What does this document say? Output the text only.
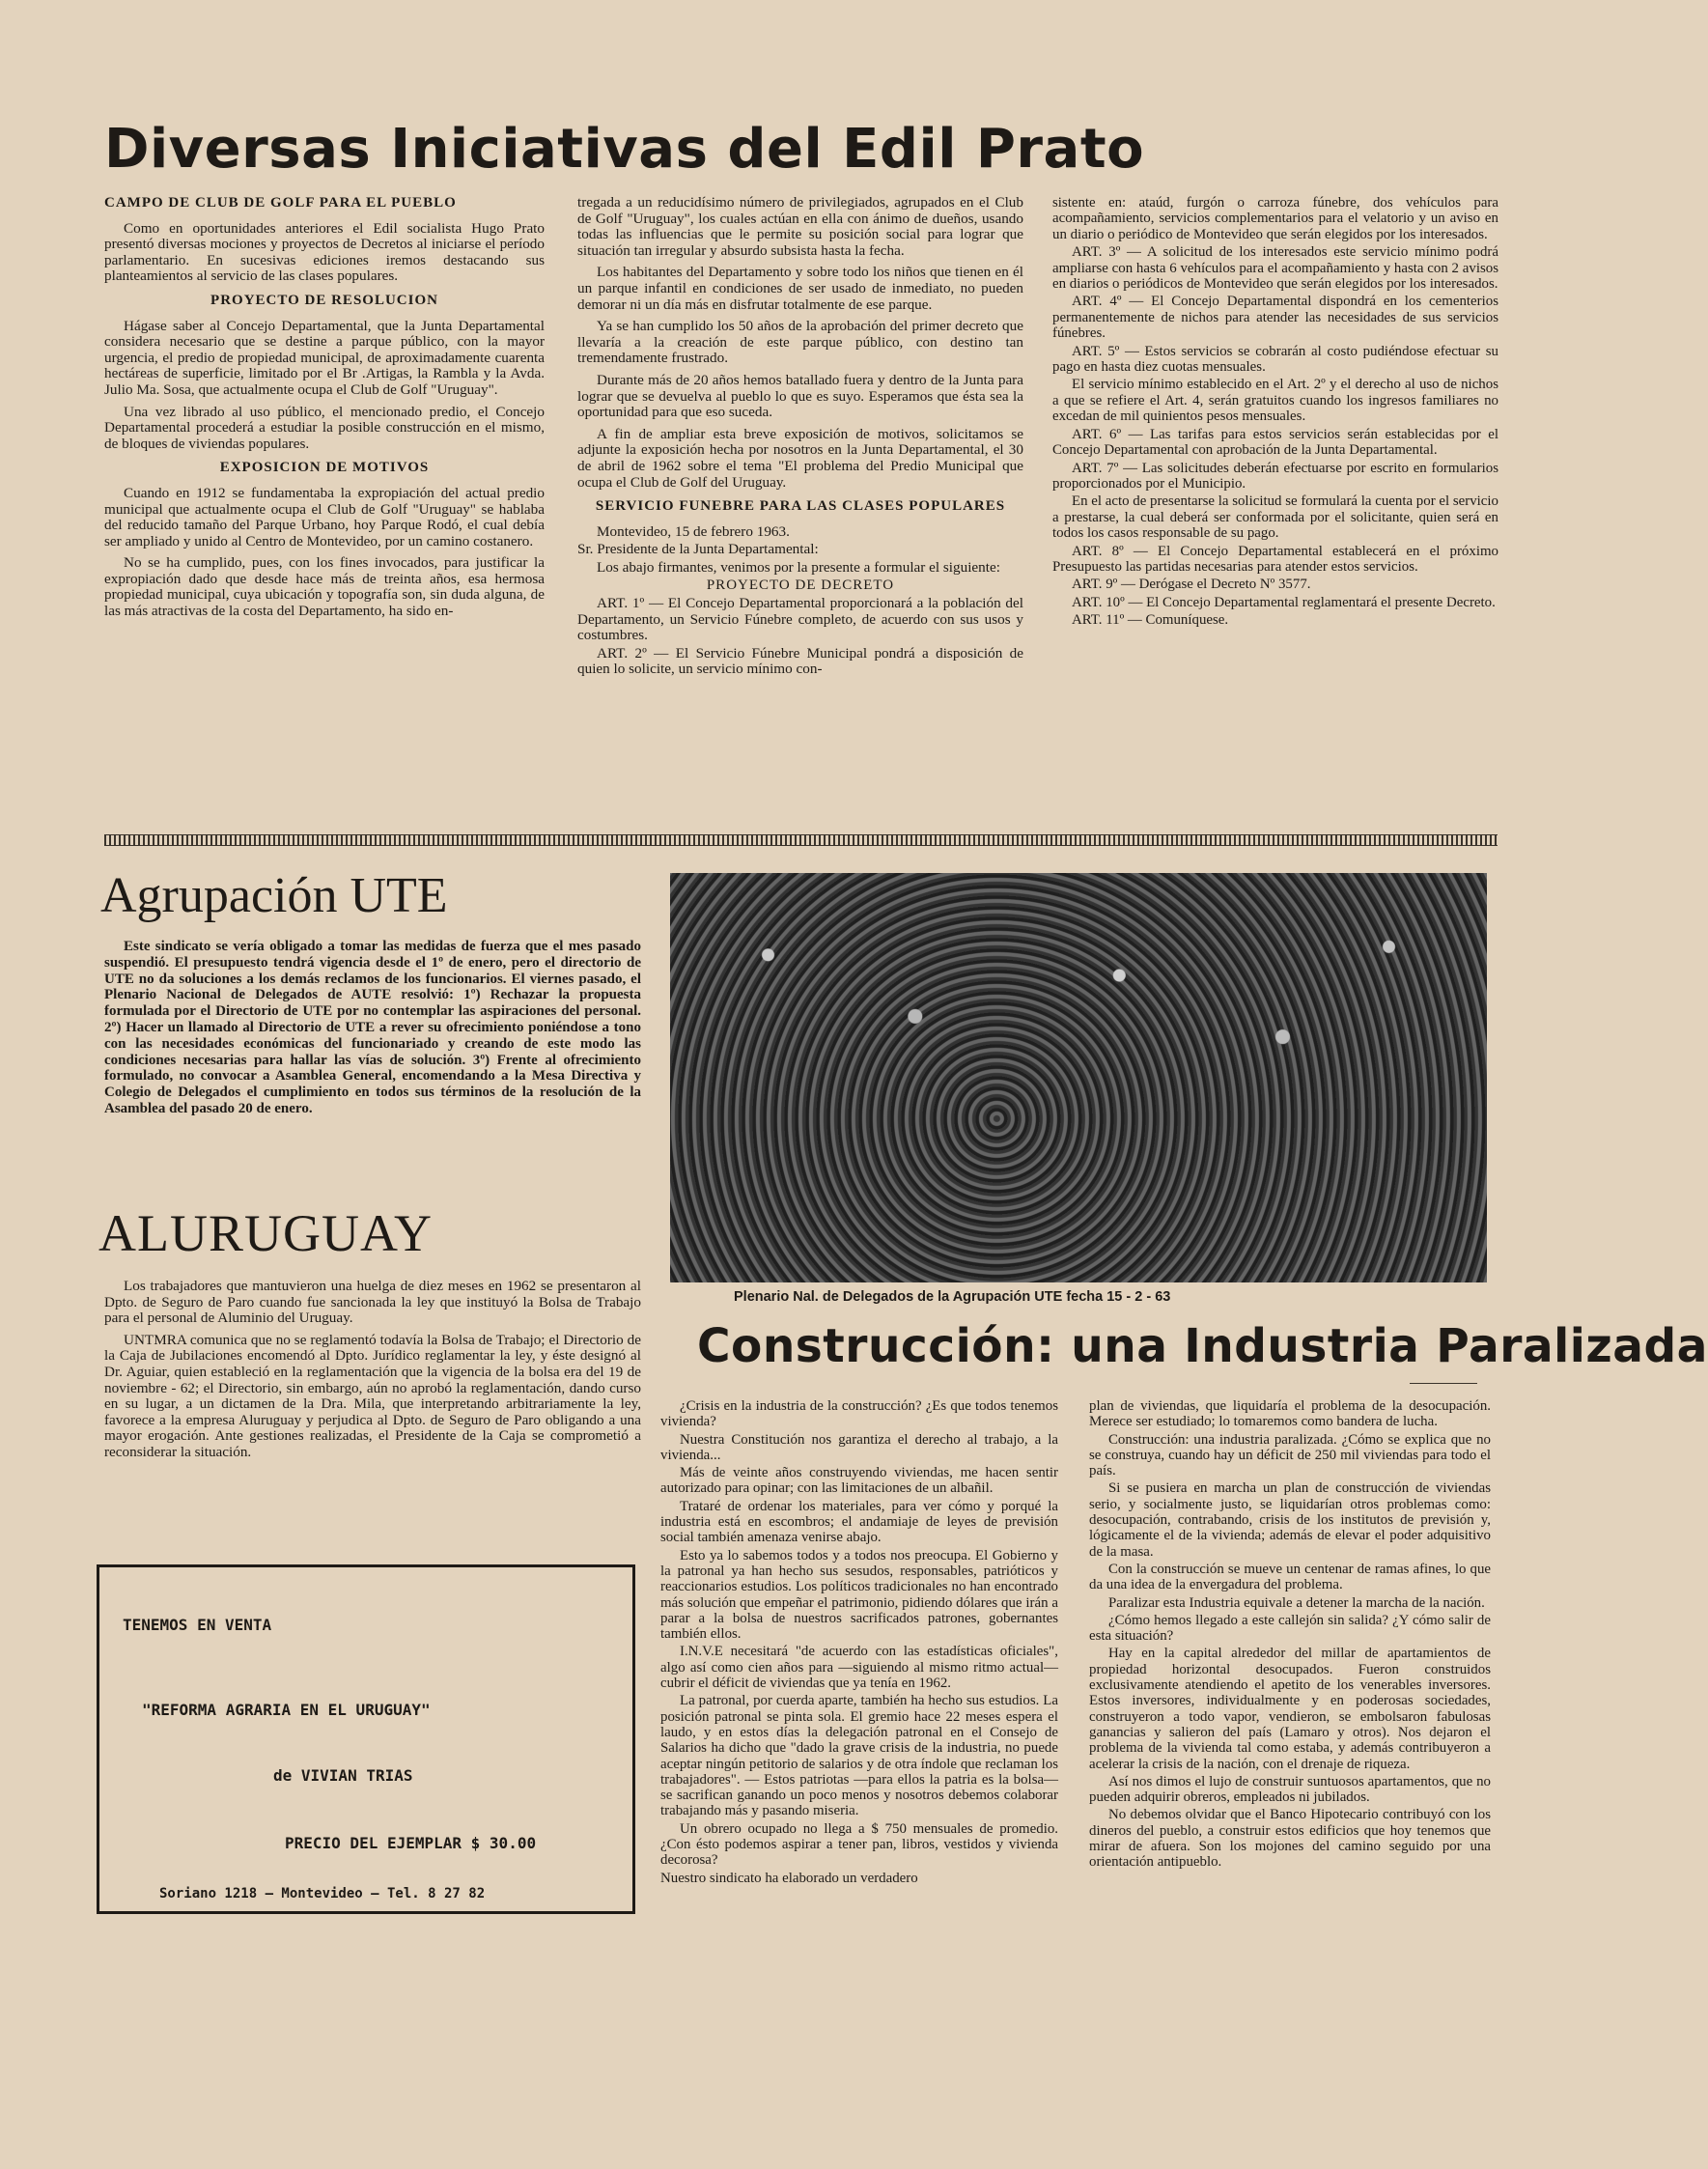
Diversas Iniciativas del Edil Prato
CAMPO DE CLUB DE GOLF PARA EL PUEBLO

Como en oportunidades anteriores el Edil socialista Hugo Prato presentó diversas mociones y proyectos de Decretos al iniciarse el período parlamentario. En sucesivas ediciones iremos destacando sus planteamientos al servicio de las clases populares.

PROYECTO DE RESOLUCION

Hágase saber al Concejo Departamental, que la Junta Departamental considera necesario que se destine a parque público, con la mayor urgencia, el predio de propiedad municipal, de aproximadamente cuarenta hectáreas de superficie, limitado por el Br .Artigas, la Rambla y la Avda. Julio Ma. Sosa, que actualmente ocupa el Club de Golf "Uruguay".

Una vez librado al uso público, el mencionado predio, el Concejo Departamental procederá a estudiar la posible construcción en el mismo, de bloques de viviendas populares.

EXPOSICION DE MOTIVOS

Cuando en 1912 se fundamentaba la expropiación del actual predio municipal que actualmente ocupa el Club de Golf "Uruguay" se hablaba del reducido tamaño del Parque Urbano, hoy Parque Rodó, el cual debía ser ampliado y unido al Centro de Montevideo, por un camino costanero.

No se ha cumplido, pues, con los fines invocados, para justificar la expropiación dado que desde hace más de treinta años, esa hermosa propiedad municipal, cuya ubicación y topografía son, sin duda alguna, de las más atractivas de la costa del Departamento, ha sido en-

tregada a un reducidísimo número de privilegiados, agrupados en el Club de Golf "Uruguay", los cuales actúan en ella con ánimo de dueños, usando todas las influencias que le permite su posición social para lograr que situación tan irregular y absurdo subsista hasta la fecha.

Los habitantes del Departamento y sobre todo los niños que tienen en él un parque infantil en condiciones de ser usado de inmediato, no pueden demorar ni un día más en disfrutar totalmente de ese parque.

Ya se han cumplido los 50 años de la aprobación del primer decreto que llevaría a la creación de este parque público, con destino tan tremendamente frustrado.

Durante más de 20 años hemos batallado fuera y dentro de la Junta para lograr que se devuelva al pueblo lo que es suyo. Esperamos que ésta sea la oportunidad para que eso suceda.

A fin de ampliar esta breve exposición de motivos, solicitamos se adjunte la exposición hecha por nosotros en la Junta Departamental, el 30 de abril de 1962 sobre el tema "El problema del Predio Municipal que ocupa el Club de Golf del Uruguay.

SERVICIO FUNEBRE PARA LAS CLASES POPULARES

Montevideo, 15 de febrero 1963.

Sr. Presidente de la Junta Departamental:

Los abajo firmantes, venimos por la presente a formular el siguiente:

PROYECTO DE DECRETO

ART. 1º — El Concejo Departamental proporcionará a la población del Departamento, un Servicio Fúnebre completo, de acuerdo con sus usos y costumbres.

ART. 2º — El Servicio Fúnebre Municipal pondrá a disposición de quien lo solicite, un servicio mínimo con-

sistente en: ataúd, furgón o carroza fúnebre, dos vehículos para acompañamiento, servicios complementarios para el velatorio y un aviso en un diario o periódico de Montevideo que serán elegidos por los interesados.

ART. 3º — A solicitud de los interesados este servicio mínimo podrá ampliarse con hasta 6 vehículos para el acompañamiento y hasta con 2 avisos en diarios o periódicos de Montevideo que serán elegidos por los interesados.

ART. 4º — El Concejo Departamental dispondrá en los cementerios permanentemente de nichos para atender las necesidades de sus servicios fúnebres.

ART. 5º — Estos servicios se cobrarán al costo pudiéndose efectuar su pago en hasta diez cuotas mensuales.

El servicio mínimo establecido en el Art. 2º y el derecho al uso de nichos a que se refiere el Art. 4, serán gratuitos cuando los ingresos familiares no excedan de mil quinientos pesos mensuales.

ART. 6º — Las tarifas para estos servicios serán establecidas por el Concejo Departamental con aprobación de la Junta Departamental.

ART. 7º — Las solicitudes deberán efectuarse por escrito en formularios proporcionados por el Municipio.

En el acto de presentarse la solicitud se formulará la cuenta por el servicio a prestarse, la cual deberá ser conformada por el solicitante, quien será en todos los casos responsable de su pago.

ART. 8º — El Concejo Departamental establecerá en el próximo Presupuesto las partidas necesarias para atender estos servicios.

ART. 9º — Derógase el Decreto Nº 3577.

ART. 10º — El Concejo Departamental reglamentará el presente Decreto.

ART. 11º — Comuníquese.

Agrupación UTE

Este sindicato se vería obligado a tomar las medidas de fuerza que el mes pasado suspendió. El presupuesto tendrá vigencia desde el 1º de enero, pero el directorio de UTE no da soluciones a los demás reclamos de los funcionarios. El viernes pasado, el Plenario Nacional de Delegados de AUTE resolvió: 1º) Rechazar la propuesta formulada por el Directorio de UTE por no contemplar las aspiraciones del personal. 2º) Hacer un llamado al Directorio de UTE a rever su ofrecimiento poniéndose a tono con las necesidades económicas del funcionariado y creando de este modo las condiciones necesarias para hallar las vías de solución. 3º) Frente al ofrecimiento formulado, no convocar a Asamblea General, encomendando a la Mesa Directiva y Colegio de Delegados el cumplimiento en todos sus términos de la resolución de la Asamblea del pasado 20 de enero.

Plenario Nal. de Delegados de la Agrupación UTE fecha 15 - 2 - 63
ALURUGUAY

Los trabajadores que mantuvieron una huelga de diez meses en 1962 se presentaron al Dpto. de Seguro de Paro cuando fue sancionada la ley que instituyó la Bolsa de Trabajo para el personal de Aluminio del Uruguay.

UNTMRA comunica que no se reglamentó todavía la Bolsa de Trabajo; el Directorio de la Caja de Jubilaciones encomendó al Dpto. Jurídico reglamentar la ley, y éste designó al Dr. Aguiar, quien estableció en la reglamentación que la vigencia de la bolsa era del 19 de noviembre - 62; el Directorio, sin embargo, aún no aprobó la reglamentación, dando curso en su lugar, a un dictamen de la Dra. Mila, que interpretando arbitrariamente la ley, favorece a la empresa Aluruguay y perjudica al Dpto. de Seguro de Paro obligando a una mayor erogación. Ante gestiones realizadas, el Presidente de la Caja se comprometió a reconsiderar la situación.

TENEMOS EN VENTA
"REFORMA AGRARIA EN EL URUGUAY"
de VIVIAN TRIAS
PRECIO DEL EJEMPLAR $ 30.00
Soriano 1218 — Montevideo — Tel. 8 27 82
Construcción: una Industria Paralizada

¿Crisis en la industria de la construcción? ¿Es que todos tenemos vivienda?

Nuestra Constitución nos garantiza el derecho al trabajo, a la vivienda...

Más de veinte años construyendo viviendas, me hacen sentir autorizado para opinar; con las limitaciones de un albañil.

Trataré de ordenar los materiales, para ver cómo y porqué la industria está en escombros; el andamiaje de leyes de previsión social también amenaza venirse abajo.

Esto ya lo sabemos todos y a todos nos preocupa. El Gobierno y la patronal ya han hecho sus sesudos, responsables, patrióticos y reaccionarios estudios. Los políticos tradicionales no han encontrado más solución que empeñar el patrimonio, pidiendo dólares que irán a parar a la bolsa de nuestros sacrificados patrones, gobernantes también ellos.

I.N.V.E necesitará "de acuerdo con las estadísticas oficiales", algo así como cien años para —siguiendo al mismo ritmo actual— cubrir el déficit de viviendas que ya tenía en 1962.

La patronal, por cuerda aparte, también ha hecho sus estudios. La posición patronal se pinta sola. El gremio hace 22 meses espera el laudo, y en estos días la delegación patronal en el Consejo de Salarios ha dicho que "dado la grave crisis de la industria, no puede aceptar ningún petitorio de salarios y de otra índole que reclaman los trabajadores". — Estos patriotas —para ellos la patria es la bolsa— se sacrifican ganando un poco menos y nosotros debemos colaborar trabajando más y pasando miseria.

Un obrero ocupado no llega a $ 750 mensuales de promedio. ¿Con ésto podemos aspirar a tener pan, libros, vestidos y vivienda decorosa?

Nuestro sindicato ha elaborado un verdadero

plan de viviendas, que liquidaría el problema de la desocupación. Merece ser estudiado; lo tomaremos como bandera de lucha.

Construcción: una industria paralizada. ¿Cómo se explica que no se construya, cuando hay un déficit de 250 mil viviendas para todo el país.

Si se pusiera en marcha un plan de construcción de viviendas serio, y socialmente justo, se liquidarían otros problemas como: desocupación, contrabando, crisis de los institutos de previsión y, lógicamente el de la vivienda; además de elevar el poder adquisitivo de la masa.

Con la construcción se mueve un centenar de ramas afines, lo que da una idea de la envergadura del problema.

Paralizar esta Industria equivale a detener la marcha de la nación.

¿Cómo hemos llegado a este callejón sin salida? ¿Y cómo salir de esta situación?

Hay en la capital alrededor del millar de apartamientos de propiedad horizontal desocupados. Fueron construidos exclusivamente atendiendo el apetito de los venerables inversores. Estos inversores, individualmente y en poderosas sociedades, construyeron a todo vapor, vendieron, se embolsaron fabulosas ganancias y salieron del país (Lamaro y otros). Nos dejaron el problema de la vivienda tal como estaba, y además contribuyeron a acelerar la crisis de la nación, con el drenaje de riqueza.

Así nos dimos el lujo de construir suntuosos apartamentos, que no pueden adquirir obreros, empleados ni jubilados.

No debemos olvidar que el Banco Hipotecario contribuyó con los dineros del pueblo, a construir estos edificios que hoy tenemos que mirar de afuera. Son los mojones del camino seguido por una orientación antipueblo.
